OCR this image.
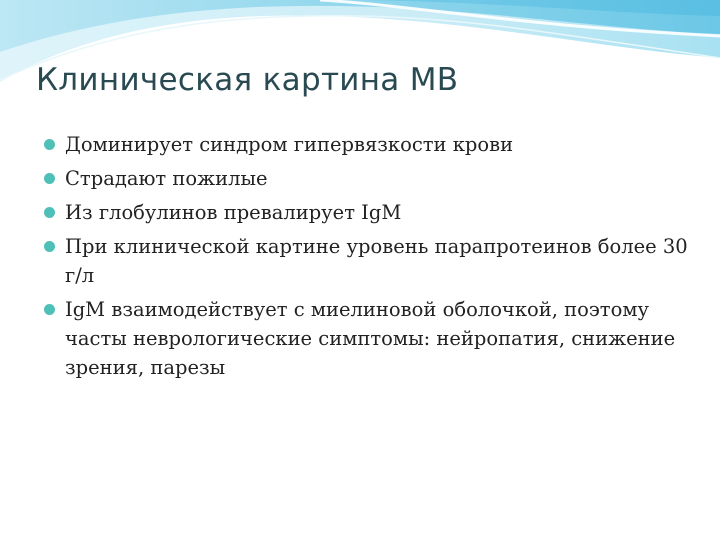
Клиническая картина МВ
Доминирует синдром гипервязкости крови
Страдают пожилые
Из глобулинов превалирует IgM
При клинической картине уровень парапротеинов более 30 г/л
IgM взаимодействует с миелиновой оболочкой, поэтому часты неврологические симптомы: нейропатия, снижение зрения, парезы
